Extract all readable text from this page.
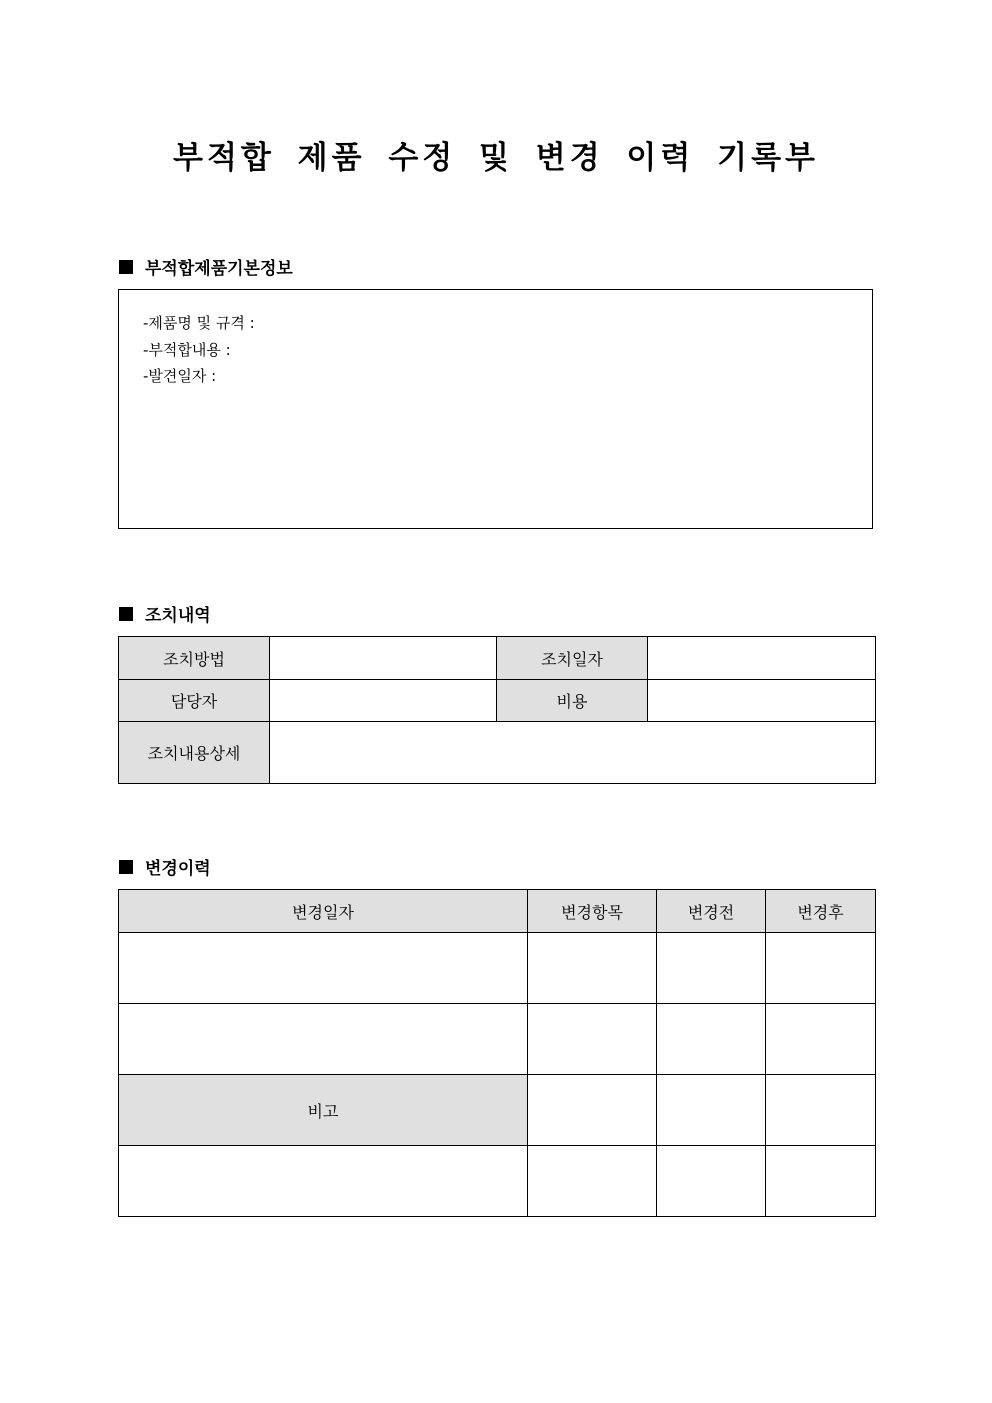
부적합 제품 수정 및 변경 이력 기록부
부적합제품기본정보
-제품명 및 규격 :
-부적합내용 :
-발견일자 :
조치내역
조치방법		조치일자	
담당자		비용	
조치내용상세			
변경이력
변경일자	변경항목	변경전	변경후

비고			
